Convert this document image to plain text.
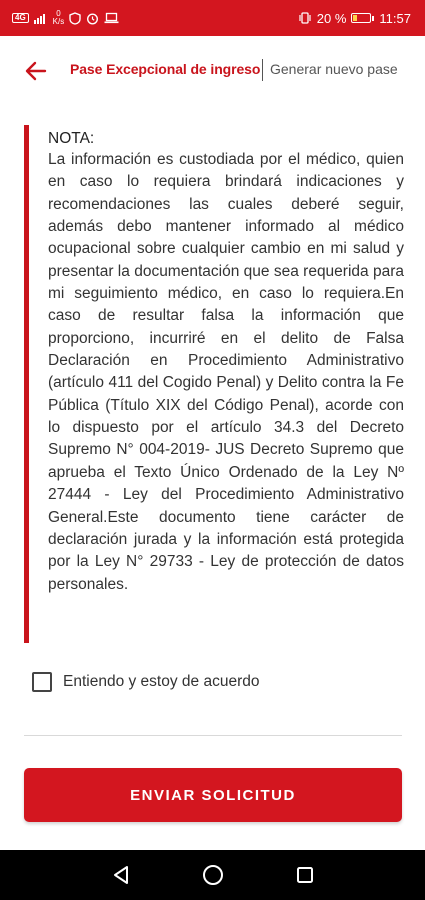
4G	0
K/s	20 %	11:57
Pase Excepcional de ingreso Generar nuevo pase
NOTA:
La información es custodiada por el médico, quien en caso lo requiera brindará indicaciones y recomendaciones las cuales deberé seguir, además debo mantener informado al médico ocupacional sobre cualquier cambio en mi salud y presentar la documentación que sea requerida para mi seguimiento médico, en caso lo requiera.En caso de resultar falsa la información que proporciono, incurriré en el delito de Falsa Declaración en Procedimiento Administrativo (artículo 411 del Cogido Penal) y Delito contra la Fe Pública (Título XIX del Código Penal), acorde con lo dispuesto por el artículo 34.3 del Decreto Supremo N° 004-2019- JUS Decreto Supremo que aprueba el Texto Único Ordenado de la Ley Nº 27444 - Ley del Procedimiento Administrativo General.Este documento tiene carácter de declaración jurada y la información está protegida por la Ley N° 29733 - Ley de protección de datos personales.
Entiendo y estoy de acuerdo
ENVIAR SOLICITUD
